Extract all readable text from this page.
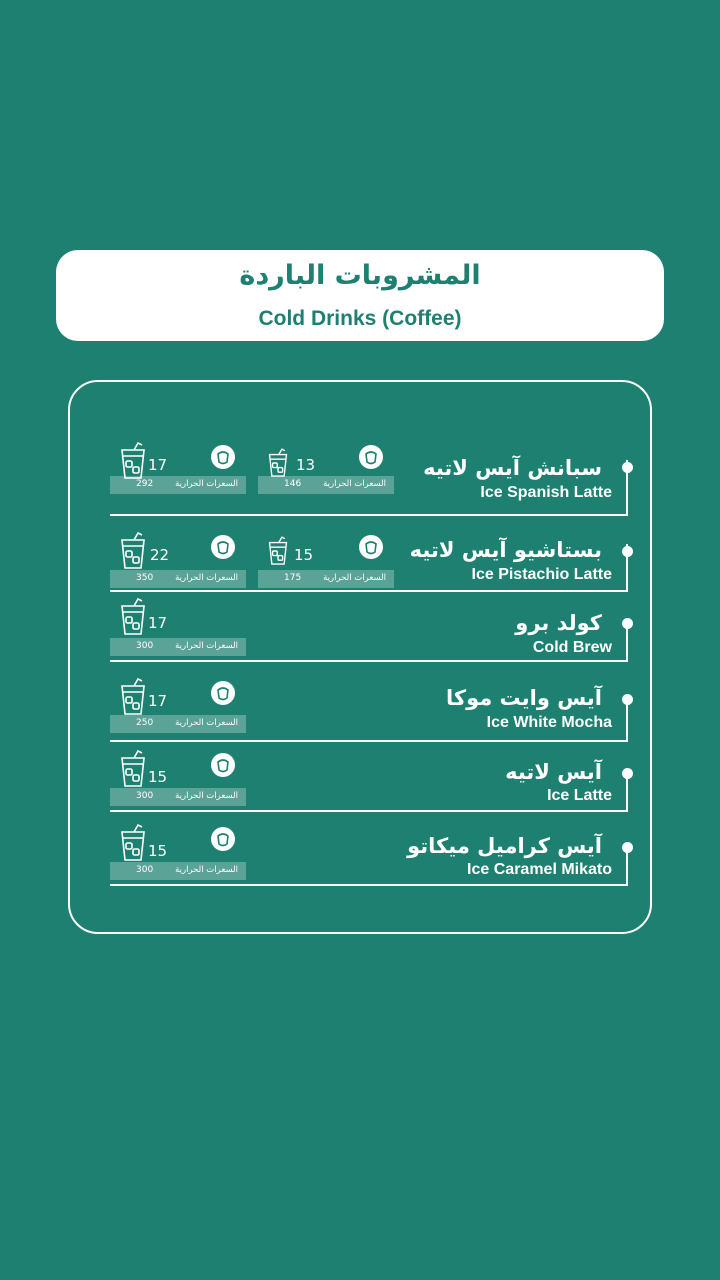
المشروبات الباردة
Cold Drinks (Coffee)
سبانش آيس لاتيه
Ice Spanish Latte
17
السعرات الحرارية
292
13
السعرات الحرارية
146
بستاشيو آيس لاتيه
Ice Pistachio Latte
22
السعرات الحرارية
350
15
السعرات الحرارية
175
كولد برو
Cold Brew
17
السعرات الحرارية
300
آيس وايت موكا
Ice White Mocha
17
السعرات الحرارية
250
آيس لاتيه
Ice Latte
15
السعرات الحرارية
300
آيس كراميل ميكاتو
Ice Caramel Mikato
15
السعرات الحرارية
300
